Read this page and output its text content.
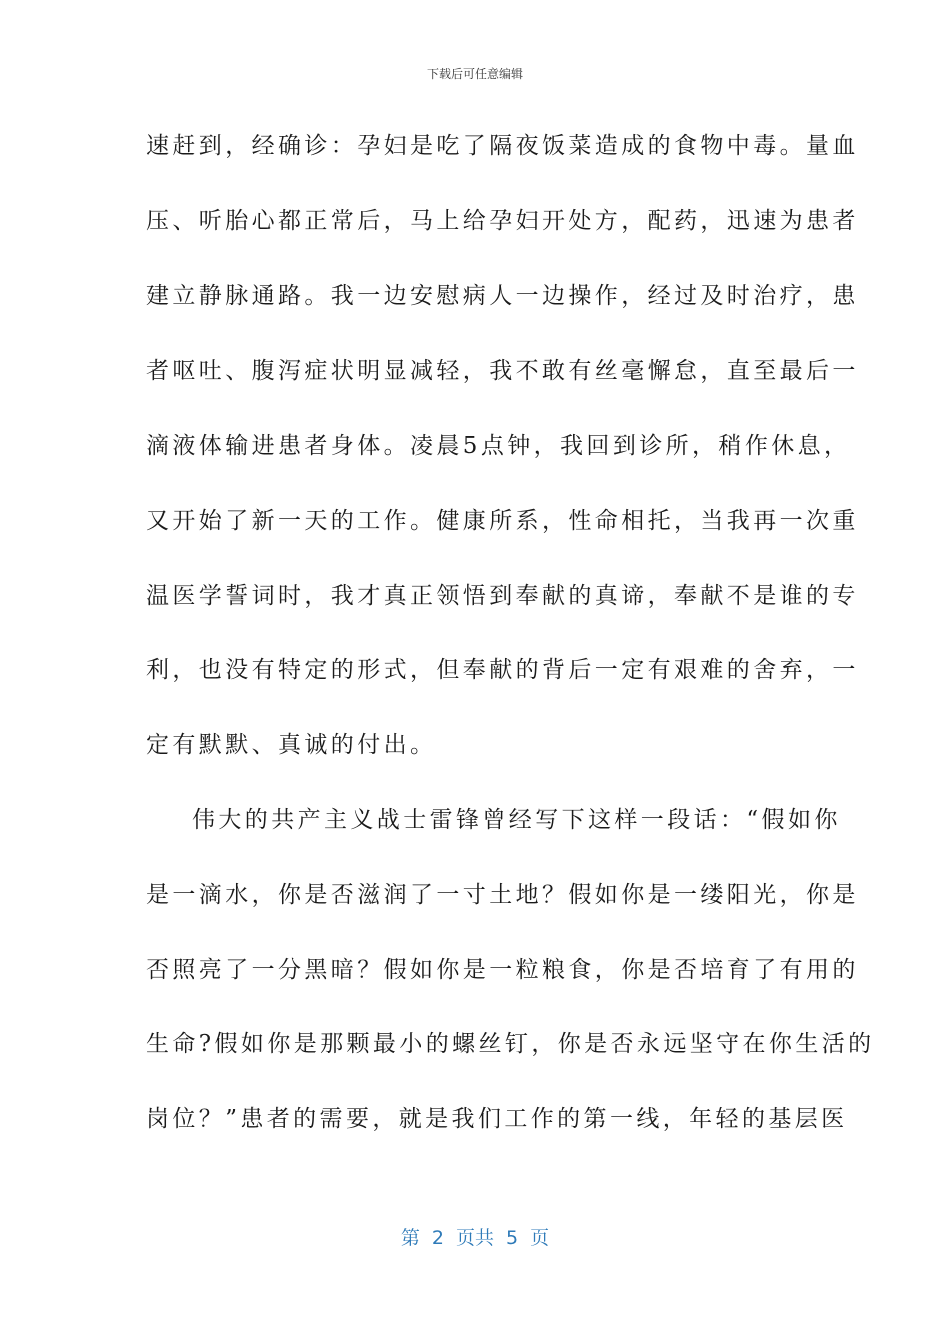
下载后可任意编辑
速赶到，经确诊：孕妇是吃了隔夜饭菜造成的食物中毒。量血
压、听胎心都正常后，马上给孕妇开处方，配药，迅速为患者
建立静脉通路。我一边安慰病人一边操作，经过及时治疗，患
者呕吐、腹泻症状明显减轻，我不敢有丝毫懈怠，直至最后一
滴液体输进患者身体。凌晨5点钟，我回到诊所，稍作休息，
又开始了新一天的工作。健康所系，性命相托，当我再一次重
温医学誓词时，我才真正领悟到奉献的真谛，奉献不是谁的专
利，也没有特定的形式，但奉献的背后一定有艰难的舍弃，一
定有默默、真诚的付出。
伟大的共产主义战士雷锋曾经写下这样一段话：“假如你
是一滴水，你是否滋润了一寸土地？假如你是一缕阳光，你是
否照亮了一分黑暗？假如你是一粒粮食，你是否培育了有用的
生命?假如你是那颗最小的螺丝钉，你是否永远坚守在你生活的
岗位？”患者的需要，就是我们工作的第一线，年轻的基层医
第 2 页共 5 页
